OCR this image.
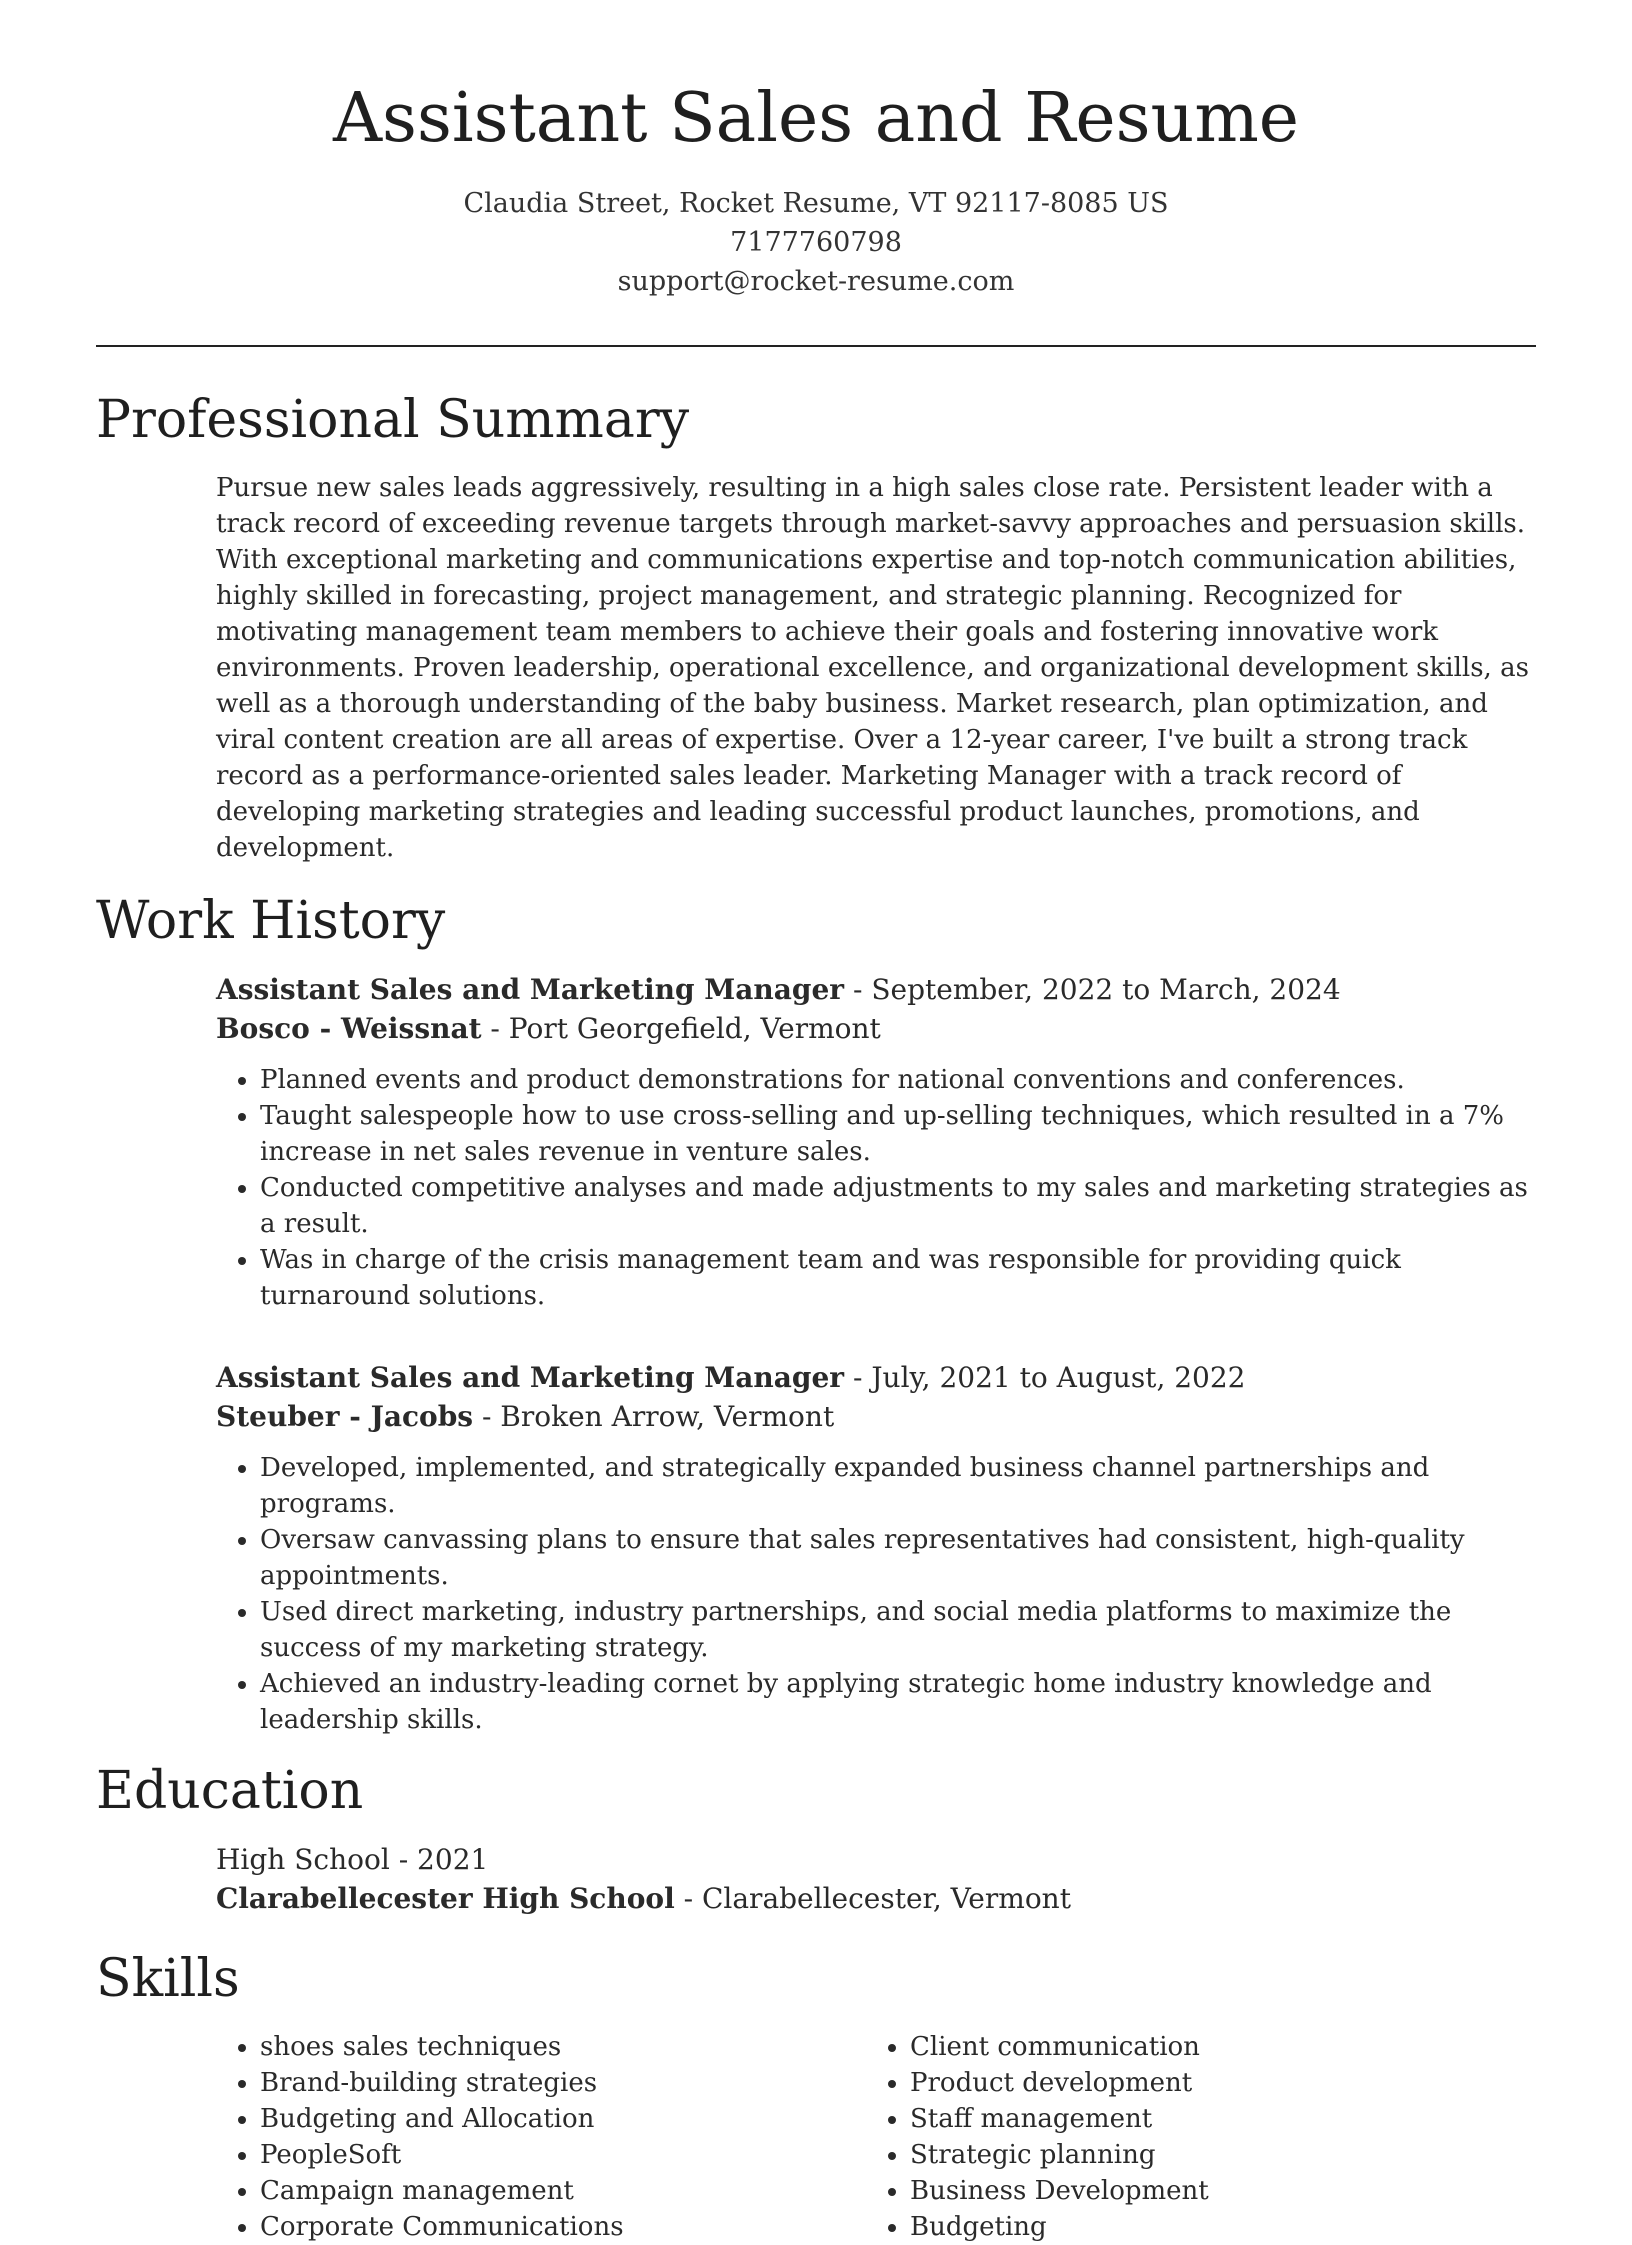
Assistant Sales and Resume
Claudia Street, Rocket Resume, VT 92117-8085 US
7177760798
support@rocket-resume.com
Professional Summary

Pursue new sales leads aggressively, resulting in a high sales close rate. Persistent leader with a track record of exceeding revenue targets through market-savvy approaches and persuasion skills. With exceptional marketing and communications expertise and top-notch communication abilities, highly skilled in forecasting, project management, and strategic planning. Recognized for motivating management team members to achieve their goals and fostering innovative work environments. Proven leadership, operational excellence, and organizational development skills, as well as a thorough understanding of the baby business. Market research, plan optimization, and viral content creation are all areas of expertise. Over a 12-year career, I've built a strong track record as a performance-oriented sales leader. Marketing Manager with a track record of developing marketing strategies and leading successful product launches, promotions, and development.

Work History
Assistant Sales and Marketing Manager - September, 2022 to March, 2024
Bosco - Weissnat - Port Georgefield, Vermont
• Planned events and product demonstrations for national conventions and conferences.
• Taught salespeople how to use cross-selling and up-selling techniques, which resulted in a 7% increase in net sales revenue in venture sales.
• Conducted competitive analyses and made adjustments to my sales and marketing strategies as a result.
• Was in charge of the crisis management team and was responsible for providing quick turnaround solutions.
Assistant Sales and Marketing Manager - July, 2021 to August, 2022
Steuber - Jacobs - Broken Arrow, Vermont
• Developed, implemented, and strategically expanded business channel partnerships and programs.
• Oversaw canvassing plans to ensure that sales representatives had consistent, high-quality appointments.
• Used direct marketing, industry partnerships, and social media platforms to maximize the success of my marketing strategy.
• Achieved an industry-leading cornet by applying strategic home industry knowledge and leadership skills.
Education
High School - 2021
Clarabellecester High School - Clarabellecester, Vermont
Skills
• shoes sales techniques
• Brand-building strategies
• Budgeting and Allocation
• PeopleSoft
• Campaign management
• Corporate Communications
• Client communication
• Product development
• Staff management
• Strategic planning
• Business Development
• Budgeting
